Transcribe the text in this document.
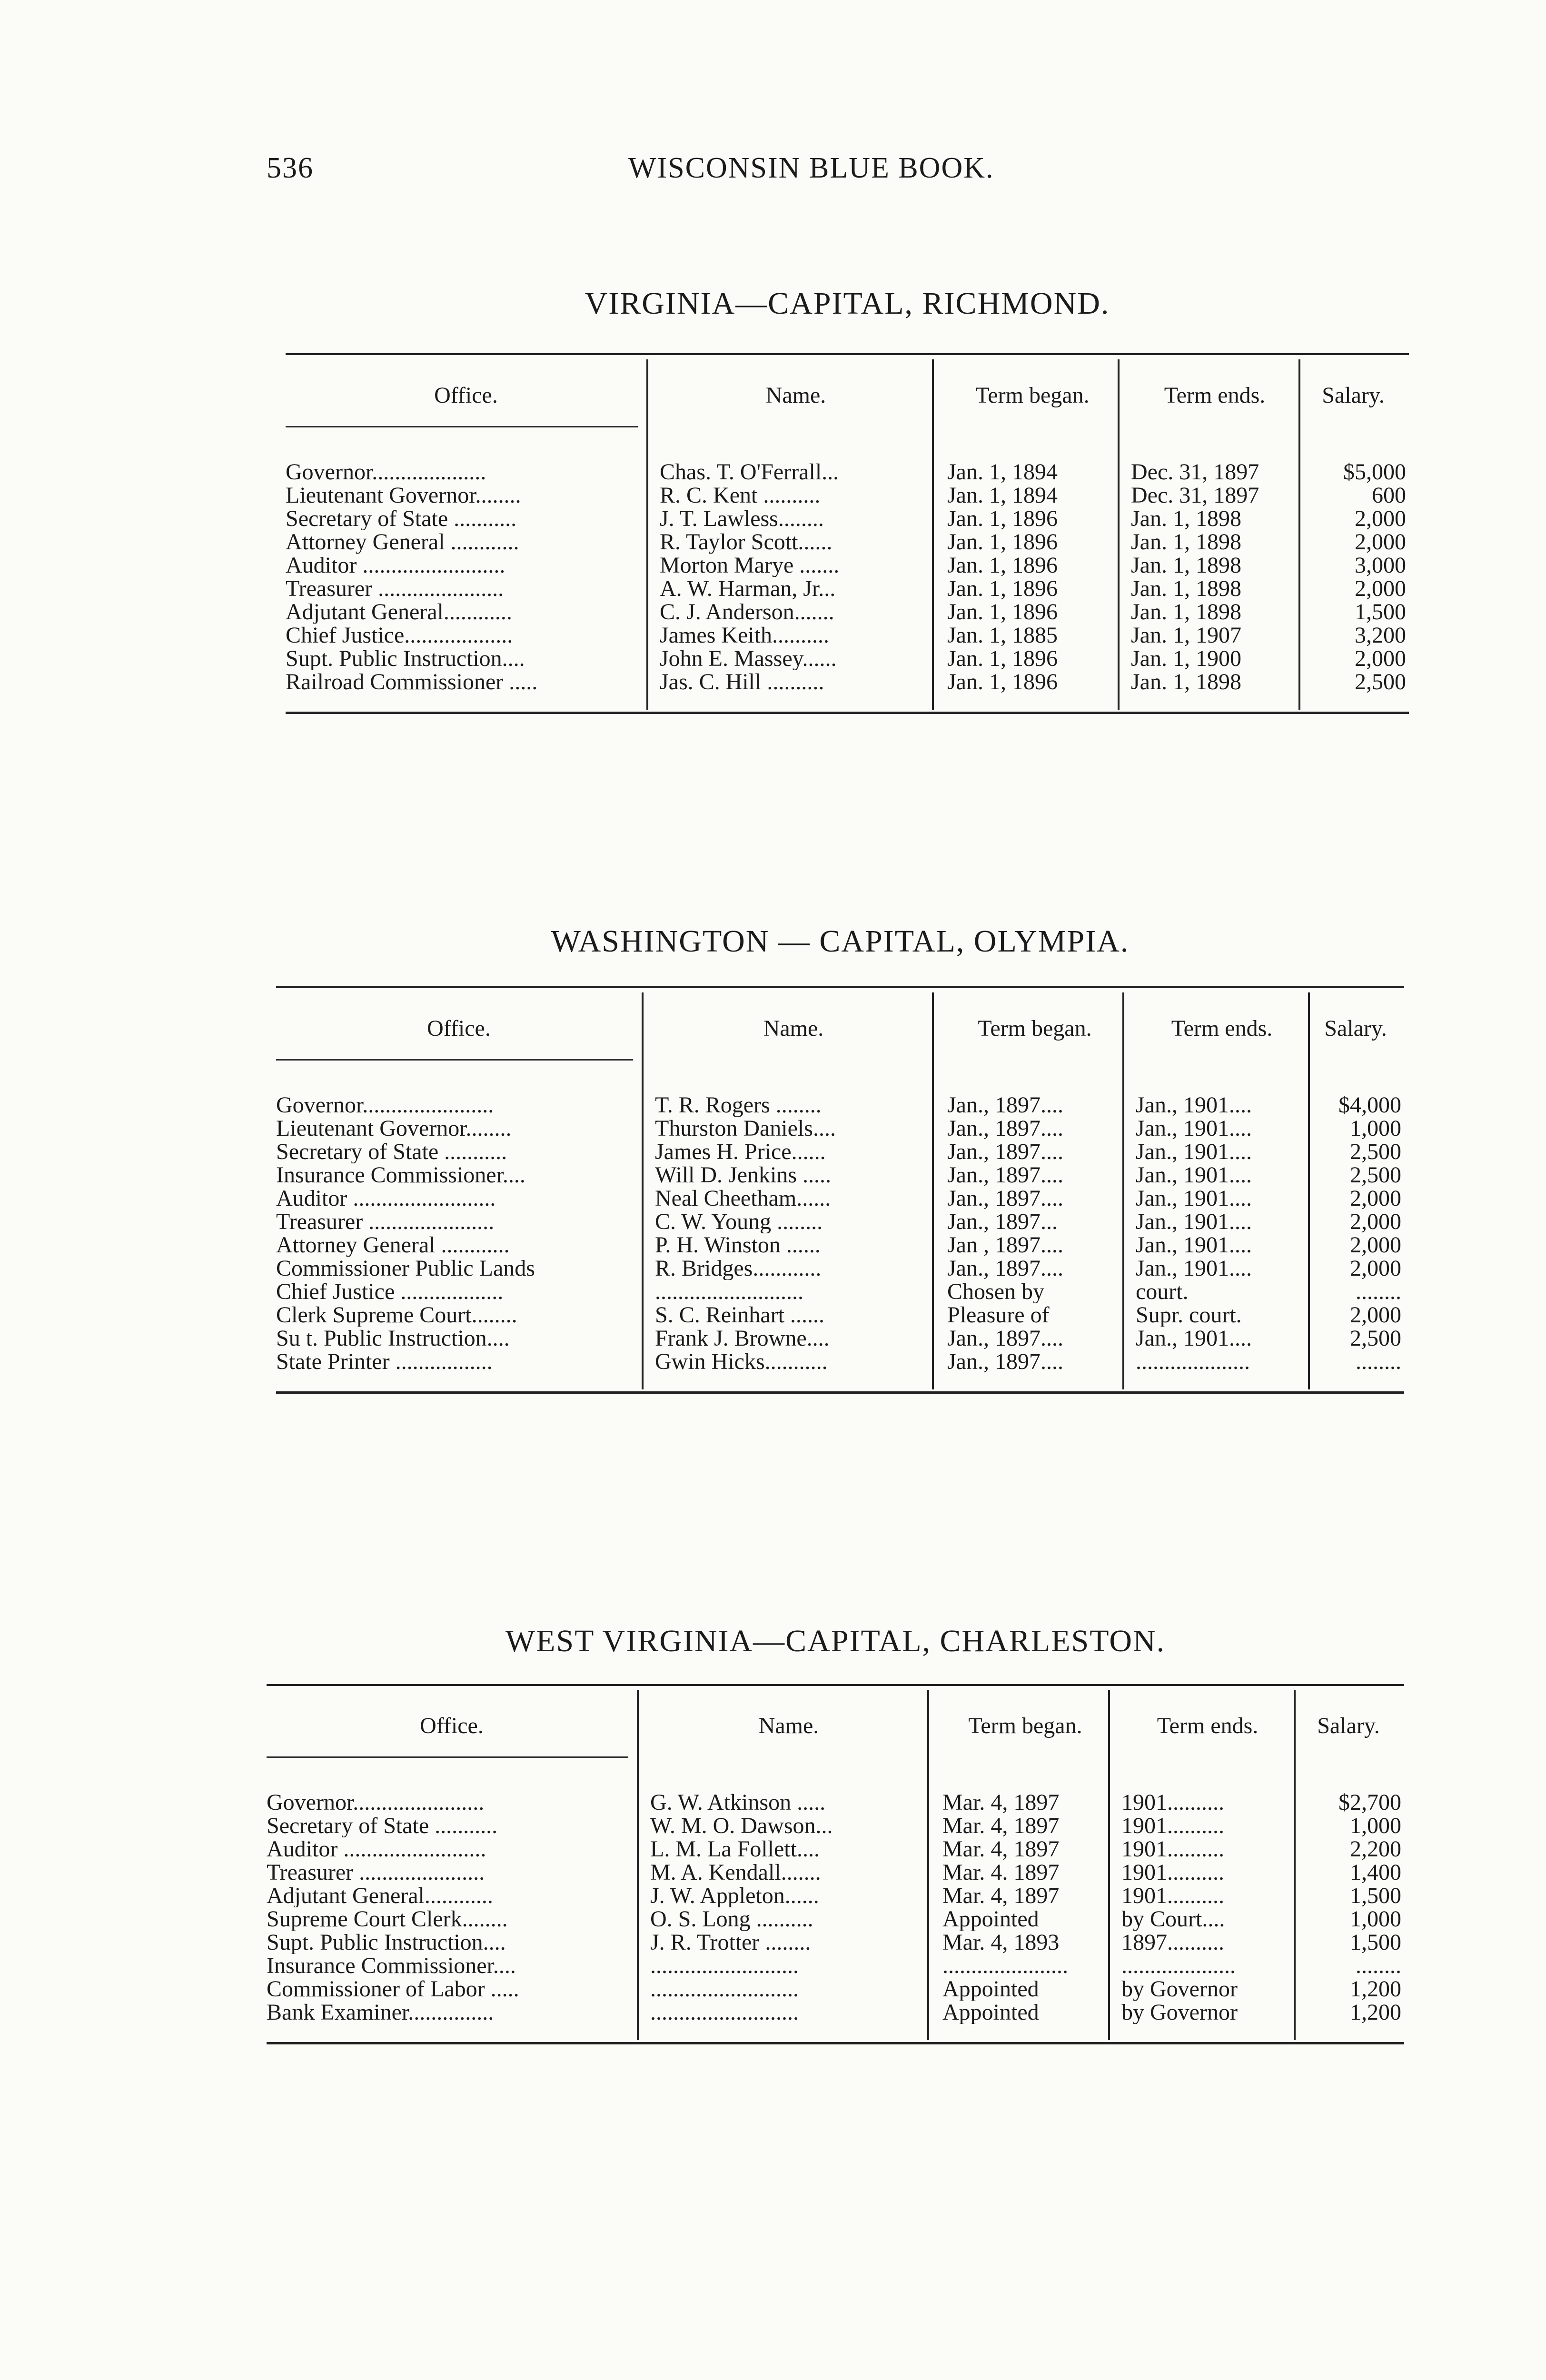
536	WISCONSIN BLUE BOOK.
VIRGINIA—CAPITAL, RICHMOND.
Office.	Name.	Term began.	Term ends.	Salary.

Governor....................	Chas. T. O'Ferrall...	Jan. 1, 1894	Dec. 31, 1897	$5,000
Lieutenant Governor........	R. C. Kent ..........	Jan. 1, 1894	Dec. 31, 1897	600
Secretary of State ...........	J. T. Lawless........	Jan. 1, 1896	Jan. 1, 1898	2,000
Attorney General ............	R. Taylor Scott......	Jan. 1, 1896	Jan. 1, 1898	2,000
Auditor .........................	Morton Marye .......	Jan. 1, 1896	Jan. 1, 1898	3,000
Treasurer ......................	A. W. Harman, Jr...	Jan. 1, 1896	Jan. 1, 1898	2,000
Adjutant General............	C. J. Anderson.......	Jan. 1, 1896	Jan. 1, 1898	1,500
Chief Justice...................	James Keith..........	Jan. 1, 1885	Jan. 1, 1907	3,200
Supt. Public Instruction....	John E. Massey......	Jan. 1, 1896	Jan. 1, 1900	2,000
Railroad Commissioner .....	Jas. C. Hill ..........	Jan. 1, 1896	Jan. 1, 1898	2,500

WASHINGTON — CAPITAL, OLYMPIA.
Office.	Name.	Term began.	Term ends.	Salary.

Governor.......................	T. R. Rogers ........	Jan., 1897....	Jan., 1901....	$4,000
Lieutenant Governor........	Thurston Daniels....	Jan., 1897....	Jan., 1901....	1,000
Secretary of State ...........	James H. Price......	Jan., 1897....	Jan., 1901....	2,500
Insurance Commissioner....	Will D. Jenkins .....	Jan., 1897....	Jan., 1901....	2,500
Auditor .........................	Neal Cheetham......	Jan., 1897....	Jan., 1901....	2,000
Treasurer ......................	C. W. Young ........	Jan., 1897...	Jan., 1901....	2,000
Attorney General ............	P. H. Winston ......	Jan , 1897....	Jan., 1901....	2,000
Commissioner Public Lands	R. Bridges............	Jan., 1897....	Jan., 1901....	2,000
Chief Justice ..................	..........................	Chosen by	court.	........
Clerk Supreme Court........	S. C. Reinhart ......	Pleasure of	Supr. court.	2,000
Su t. Public Instruction....	Frank J. Browne....	Jan., 1897....	Jan., 1901....	2,500
State Printer .................	Gwin Hicks...........	Jan., 1897....	....................	........

WEST VIRGINIA—CAPITAL, CHARLESTON.
Office.	Name.	Term began.	Term ends.	Salary.

Governor.......................	G. W. Atkinson .....	Mar. 4, 1897	1901..........	$2,700
Secretary of State ...........	W. M. O. Dawson...	Mar. 4, 1897	1901..........	1,000
Auditor .........................	L. M. La Follett....	Mar. 4, 1897	1901..........	2,200
Treasurer ......................	M. A. Kendall.......	Mar. 4. 1897	1901..........	1,400
Adjutant General............	J. W. Appleton......	Mar. 4, 1897	1901..........	1,500
Supreme Court Clerk........	O. S. Long ..........	Appointed	by Court....	1,000
Supt. Public Instruction....	J. R. Trotter ........	Mar. 4, 1893	1897..........	1,500
Insurance Commissioner....	..........................	......................	....................	........
Commissioner of Labor .....	..........................	Appointed	by Governor	1,200
Bank Examiner...............	..........................	Appointed	by Governor	1,200
